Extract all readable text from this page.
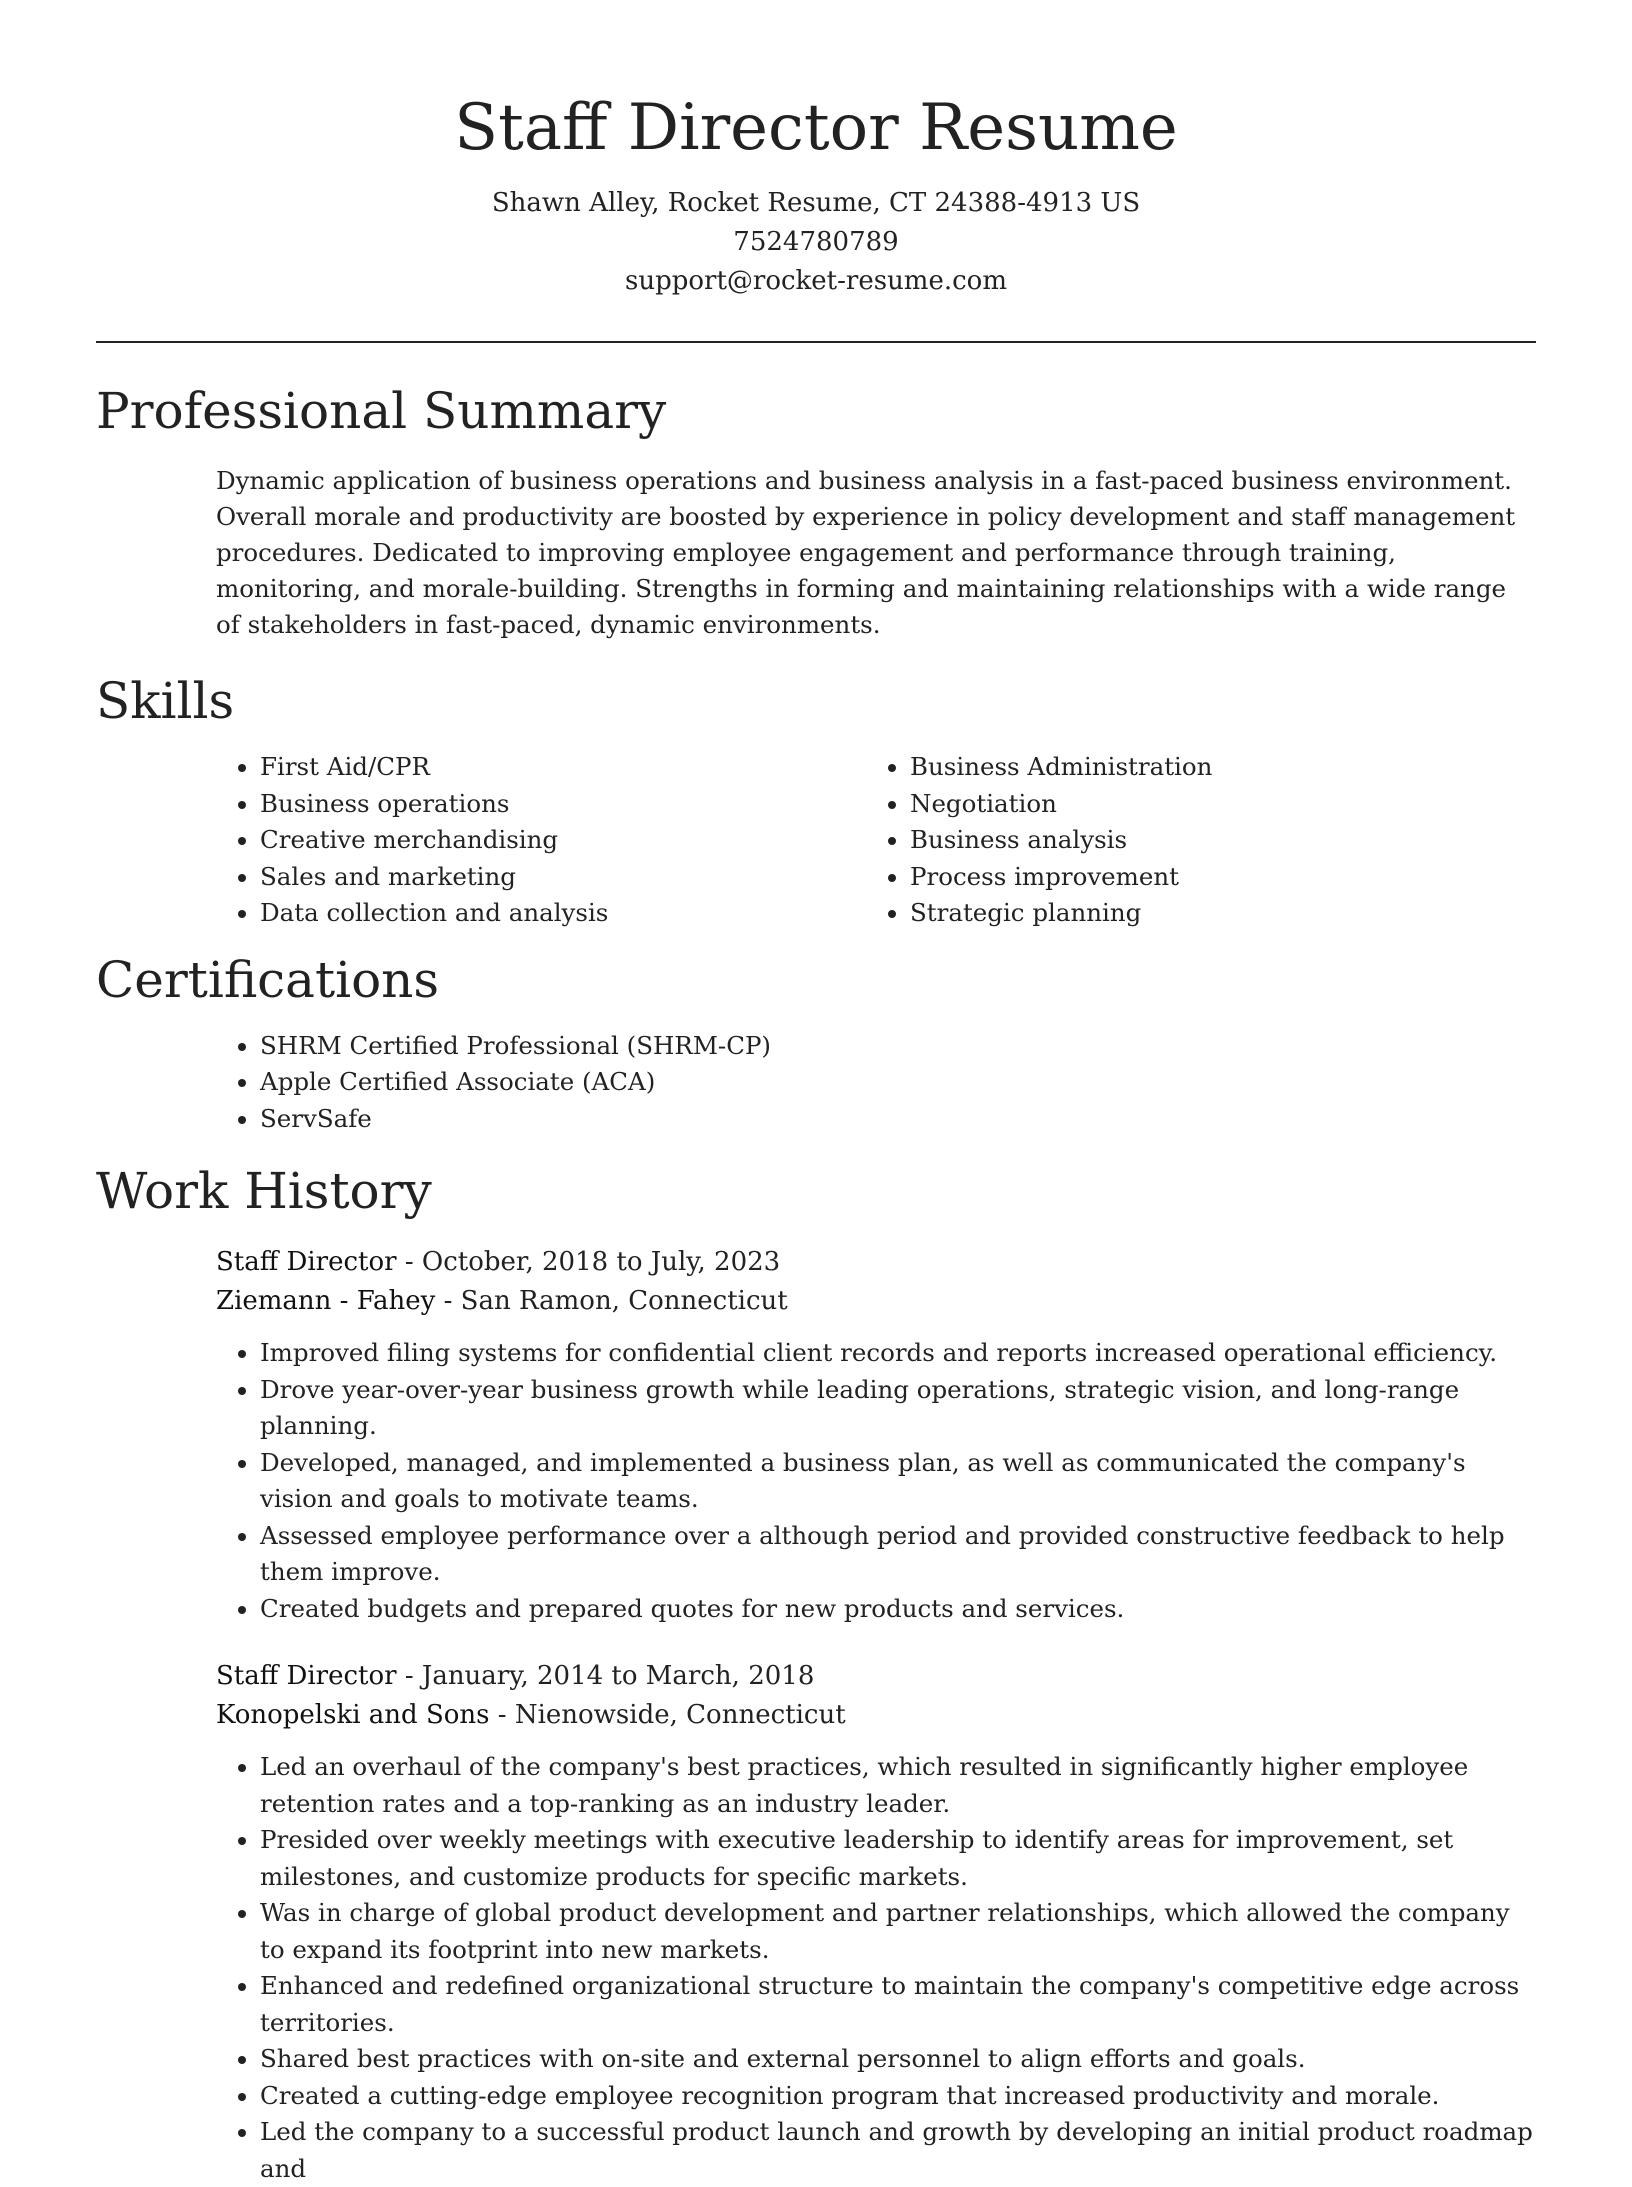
Staff Director Resume
Shawn Alley, Rocket Resume, CT 24388-4913 US
7524780789
support@rocket-resume.com
Professional Summary

Dynamic application of business operations and business analysis in a fast-paced business environment. Overall morale and productivity are boosted by experience in policy development and staff management procedures. Dedicated to improving employee engagement and performance through training, monitoring, and morale-building. Strengths in forming and maintaining relationships with a wide range of stakeholders in fast-paced, dynamic environments.

Skills
• First Aid/CPR
• Business operations
• Creative merchandising
• Sales and marketing
• Data collection and analysis
• Business Administration
• Negotiation
• Business analysis
• Process improvement
• Strategic planning
Certifications
• SHRM Certified Professional (SHRM-CP)
• Apple Certified Associate (ACA)
• ServSafe
Work History
Staff Director - October, 2018 to July, 2023
Ziemann - Fahey - San Ramon, Connecticut
• Improved filing systems for confidential client records and reports increased operational efficiency.
• Drove year-over-year business growth while leading operations, strategic vision, and long-range planning.
• Developed, managed, and implemented a business plan, as well as communicated the company's vision and goals to motivate teams.
• Assessed employee performance over a although period and provided constructive feedback to help them improve.
• Created budgets and prepared quotes for new products and services.
Staff Director - January, 2014 to March, 2018
Konopelski and Sons - Nienowside, Connecticut
• Led an overhaul of the company's best practices, which resulted in significantly higher employee retention rates and a top-ranking as an industry leader.
• Presided over weekly meetings with executive leadership to identify areas for improvement, set milestones, and customize products for specific markets.
• Was in charge of global product development and partner relationships, which allowed the company to expand its footprint into new markets.
• Enhanced and redefined organizational structure to maintain the company's competitive edge across territories.
• Shared best practices with on-site and external personnel to align efforts and goals.
• Created a cutting-edge employee recognition program that increased productivity and morale.
• Led the company to a successful product launch and growth by developing an initial product roadmap and
